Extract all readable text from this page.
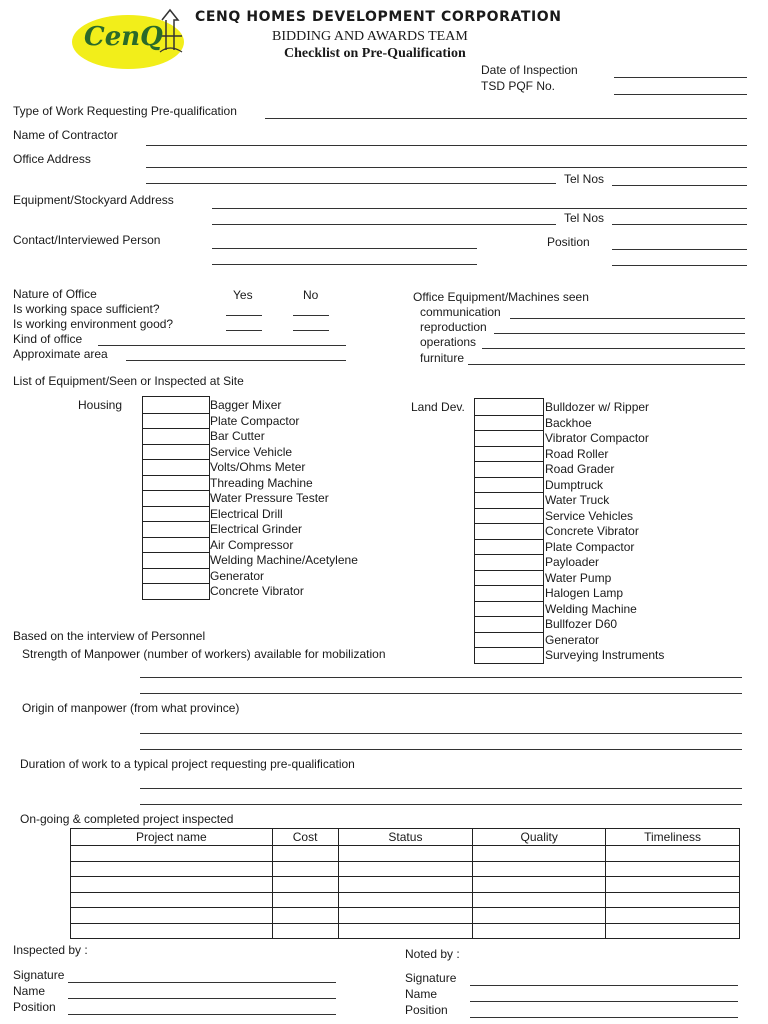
CenQ
CENQ HOMES DEVELOPMENT CORPORATION
BIDDING AND AWARDS TEAM
Checklist on Pre-Qualification
Date of Inspection
TSD PQF No.
Type of Work Requesting Pre-qualification
Name of Contractor
Office Address
Tel Nos
Equipment/Stockyard Address
Tel Nos
Contact/Interviewed Person	Position
Nature of Office	Yes	No
Is working space sufficient?
Is working environment good?
Kind of office
Approximate area
Office Equipment/Machines seen
communication
reproduction
operations
furniture
List of Equipment/Seen or Inspected at Site
Housing	Bagger Mixer
Plate Compactor
Bar Cutter
Service Vehicle
Volts/Ohms Meter
Threading Machine
Water Pressure Tester
Electrical Drill
Electrical Grinder
Air Compressor
Welding Machine/Acetylene
Generator
Concrete Vibrator
Land Dev.	Bulldozer w/ Ripper
Backhoe
Vibrator Compactor
Road Roller
Road Grader
Dumptruck
Water Truck
Service Vehicles
Concrete Vibrator
Plate Compactor
Payloader
Water Pump
Halogen Lamp
Welding Machine
Bullfozer D60
Generator
Surveying Instruments
Based on the interview of Personnel
Strength of Manpower (number of workers) available for mobilization
Origin of manpower (from what province)
Duration of work to a typical project requesting pre-qualification
On-going & completed project inspected
Project name	Cost	Status	Quality	Timeliness

Inspected by :
Signature
Name
Position
Noted by :
Signature
Name
Position
